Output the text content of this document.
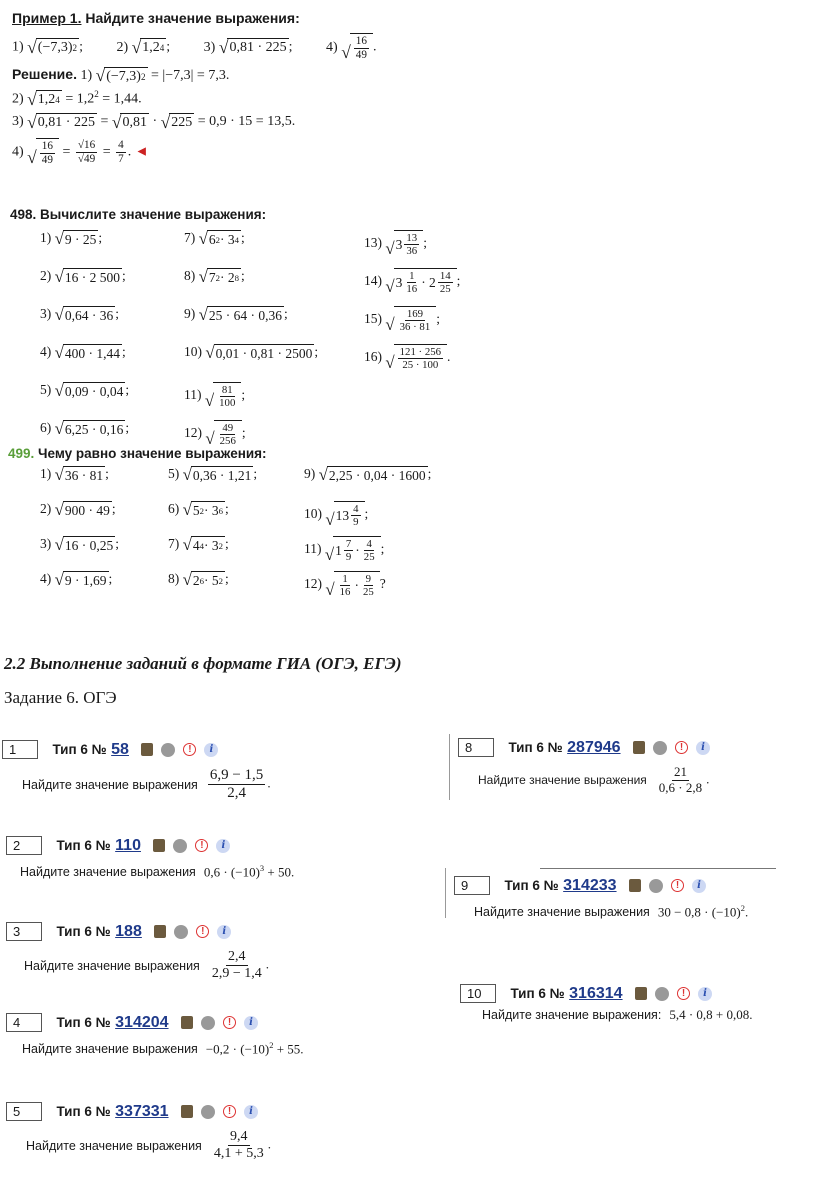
Пример 1. Найдите значение выражения:
1) √ (−7,3) 2 ; 2) √ 1,2 4 ; 3) √ 0,81 · 225 ; 4) √ $\frac{16}{49}$ .
Решение. 1) √ (−7,3) 2 = |−7,3| = 7,3.
2) √ 1,2 $4 = 1,2^2 = 1,44$.
3) √ 0,81 · 225 = √ 0,81 · √ 225 = 0,9 · 15 = 13,5.
4) √ $\frac{16}{49} = \frac{√16}{√49} = \frac{4}{7}$ . ◄
498. Вычислите значение выражения:
1) √ 9 · 25 ;
2) √ 16 · 2 500 ;
3) √ 0,64 · 36 ;
4) √ 400 · 1,44 ;
5) √ 0,09 · 0,04 ;
6) √ 6,25 · 0,16 ;
7) √ 6 2 · 3 4 ;
8) √ 7 2 · 2 8 ;
9) √ 25 · 64 · 0,36 ;
10) √ 0,01 · 0,81 · 2500 ;
11) √ $\frac{81}{100}$ ;
12) √ $\frac{49}{256}$ ;
13) √ $3 \frac{13}{36}$ ;
14) √ $3 \frac{1}{16} \cdot 2 \frac{14}{25}$ ;
15) √ $\frac{169}{36 \cdot 81}$ ;
16) √ $\frac{121 \cdot 256}{25 \cdot 100}$ .
499. Чему равно значение выражения:
1) √ 36 · 81 ;
2) √ 900 · 49 ;
3) √ 16 · 0,25 ;
4) √ 9 · 1,69 ;
5) √ 0,36 · 1,21 ;
6) √ 5 2 · 3 6 ;
7) √ 4 4 · 3 2 ;
8) √ 2 6 · 5 2 ;
9) √ 2,25 · 0,04 · 1600 ;
10) √ $13 \frac{4}{9}$ ;
11) √ $1 \frac{7}{9} \cdot \frac{4}{25}$ ;
12) √ $\frac{1}{16} \cdot \frac{9}{25}$ ?
2.2 Выполнение заданий в формате ГИА (ОГЭ, ЕГЭ)
Задание 6. ОГЭ
1	Тип 6 № 58	! i
Найдите значение выражения $\frac{6,9 - 1,5}{2,4}$ .
2	Тип 6 № 110	! i
Найдите значение выражения $0,6 \cdot (-10)^3 + 50$.
3	Тип 6 № 188	! i
Найдите значение выражения $\frac{2,4}{2,9 - 1,4}$ .
4	Тип 6 № 314204	! i
Найдите значение выражения $-0,2 \cdot (-10)^2 + 55$.
5	Тип 6 № 337331	! i
Найдите значение выражения $\frac{9,4}{4,1 + 5,3}$ .
8	Тип 6 № 287946	! i
Найдите значение выражения $\frac{21}{0,6 \cdot 2,8}$ .
9	Тип 6 № 314233	! i
Найдите значение выражения $30 - 0,8 \cdot (-10)^2$.
10 Тип 6 № 316314	! i
Найдите значение выражения: 5,4 · 0,8 + 0,08.
